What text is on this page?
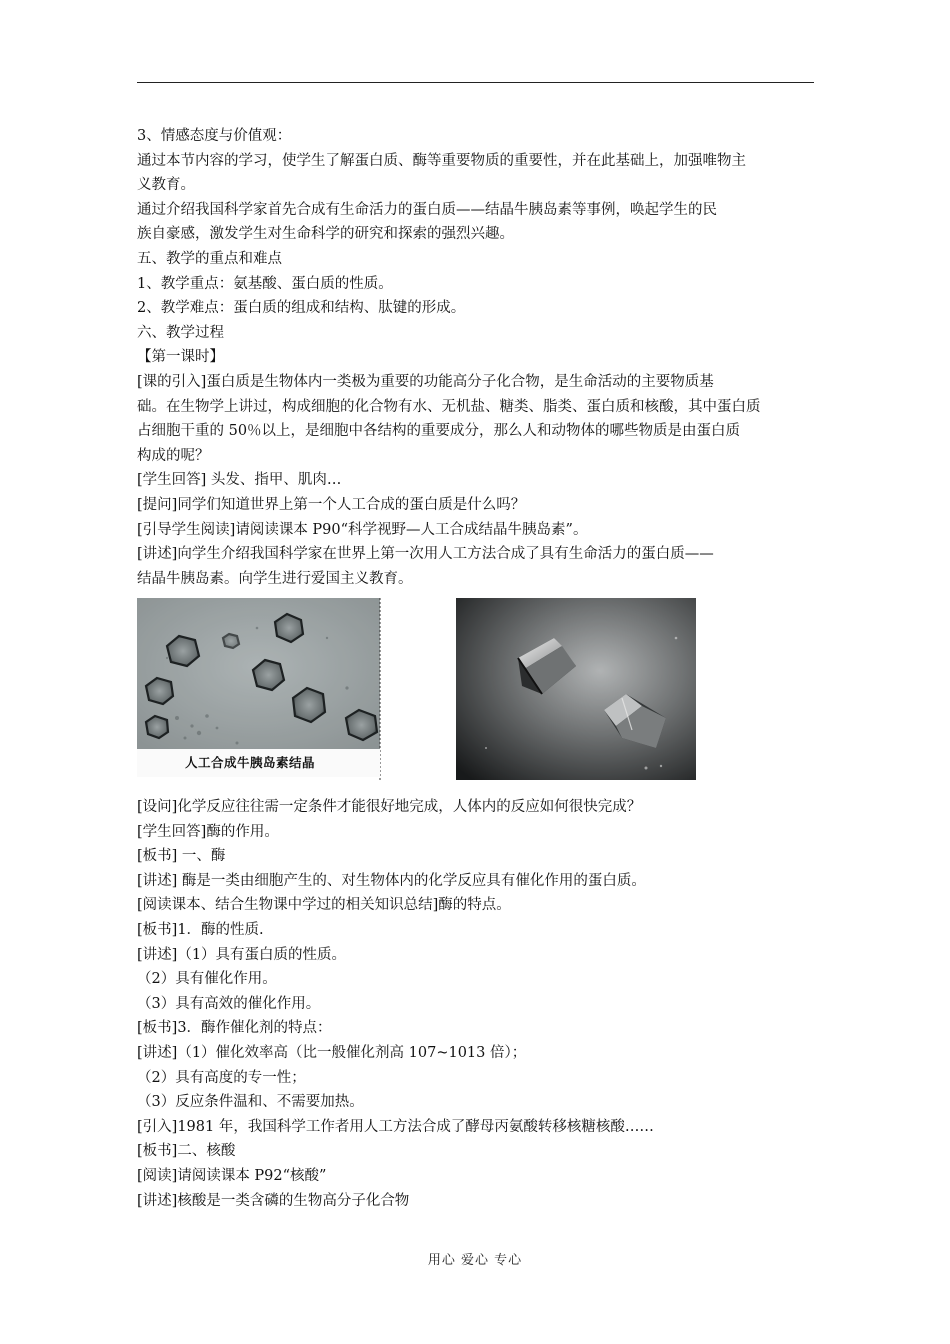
3、情感态度与价值观：
通过本节内容的学习，使学生了解蛋白质、酶等重要物质的重要性，并在此基础上，加强唯物主
义教育。
通过介绍我国科学家首先合成有生命活力的蛋白质——结晶牛胰岛素等事例，唤起学生的民
族自豪感，激发学生对生命科学的研究和探索的强烈兴趣。
五、教学的重点和难点
1、教学重点：氨基酸、蛋白质的性质。
2、教学难点：蛋白质的组成和结构、肽键的形成。
六、教学过程
【第一课时】
[课的引入]蛋白质是生物体内一类极为重要的功能高分子化合物，是生命活动的主要物质基
础。在生物学上讲过，构成细胞的化合物有水、无机盐、糖类、脂类、蛋白质和核酸，其中蛋白质
占细胞干重的 50％以上，是细胞中各结构的重要成分，那么人和动物体的哪些物质是由蛋白质
构成的呢？
[学生回答] 头发、指甲、肌肉…
[提问]同学们知道世界上第一个人工合成的蛋白质是什么吗？
[引导学生阅读]请阅读课本 P90“科学视野—人工合成结晶牛胰岛素”。
[讲述]向学生介绍我国科学家在世界上第一次用人工方法合成了具有生命活力的蛋白质——
结晶牛胰岛素。向学生进行爱国主义教育。
人工合成牛胰岛素结晶
[设问]化学反应往往需一定条件才能很好地完成，人体内的反应如何很快完成？
[学生回答]酶的作用。
[板书] 一、酶
[讲述] 酶是一类由细胞产生的、对生物体内的化学反应具有催化作用的蛋白质。
[阅读课本、结合生物课中学过的相关知识总结]酶的特点。
[板书]1．酶的性质.
[讲述]（1）具有蛋白质的性质。
（2）具有催化作用。
（3）具有高效的催化作用。
[板书]3．酶作催化剂的特点：
[讲述]（1）催化效率高（比一般催化剂高 107~1013 倍）；
（2）具有高度的专一性；
（3）反应条件温和、不需要加热。
[引入]1981 年，我国科学工作者用人工方法合成了酵母丙氨酸转移核糖核酸……
[板书]二、核酸
[阅读]请阅读课本 P92“核酸”
[讲述]核酸是一类含磷的生物高分子化合物
用心 爱心 专心
